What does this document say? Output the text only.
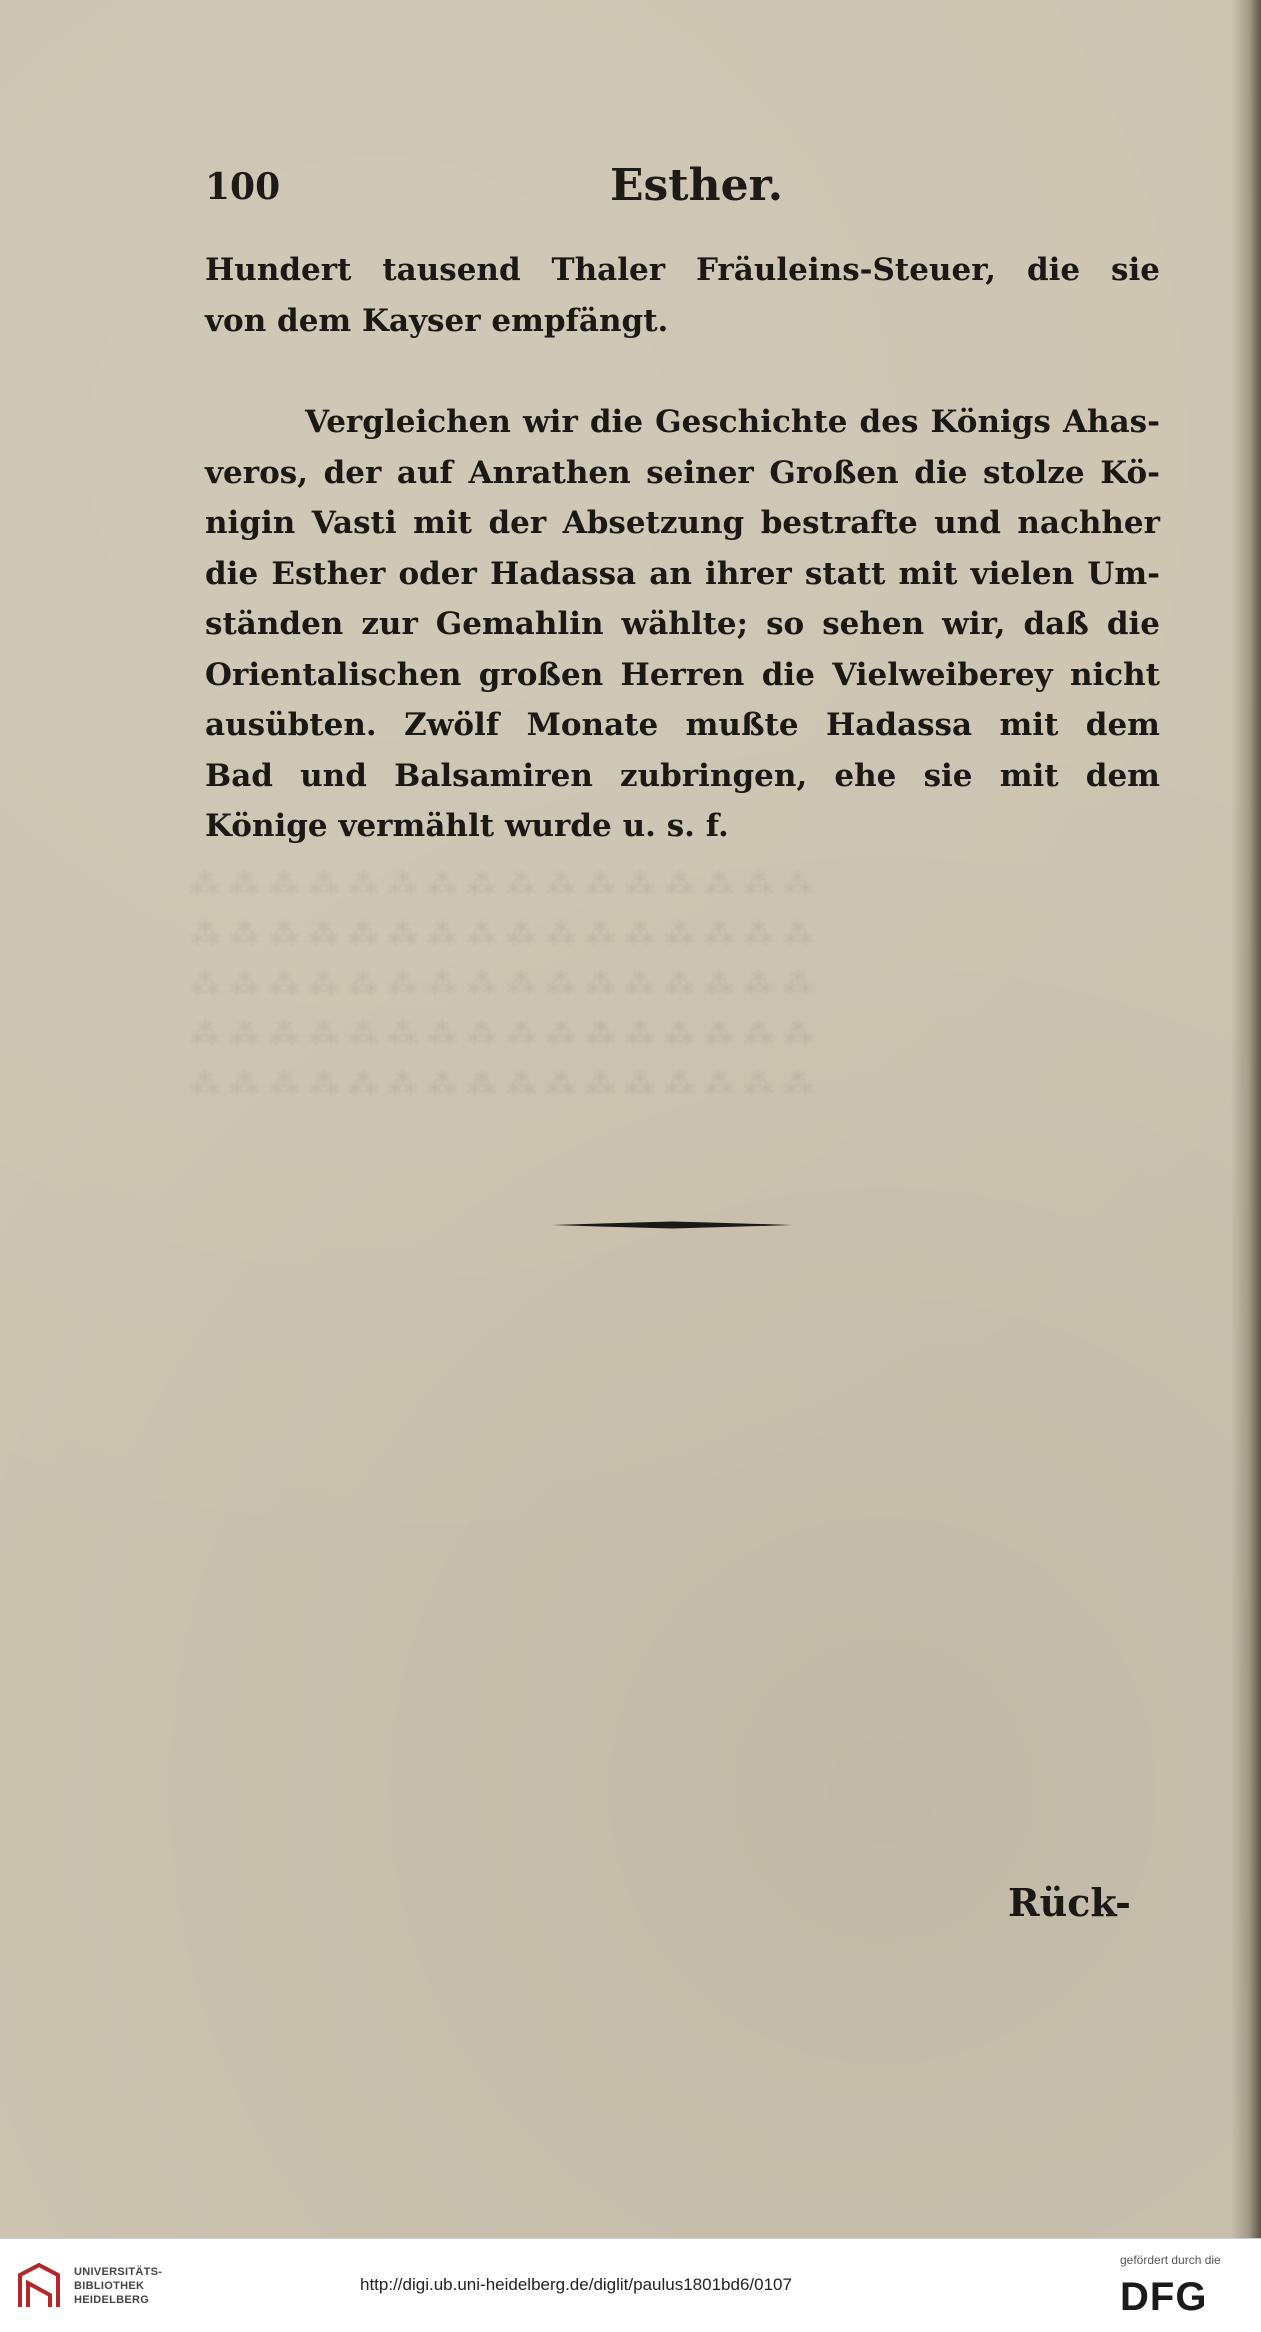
⁂ ⁂ ⁂ ⁂ ⁂ ⁂ ⁂ ⁂ ⁂ ⁂ ⁂ ⁂ ⁂ ⁂ ⁂ ⁂
⁂ ⁂ ⁂ ⁂ ⁂ ⁂ ⁂ ⁂ ⁂ ⁂ ⁂ ⁂ ⁂ ⁂ ⁂ ⁂
⁂ ⁂ ⁂ ⁂ ⁂ ⁂ ⁂ ⁂ ⁂ ⁂ ⁂ ⁂ ⁂ ⁂ ⁂ ⁂
⁂ ⁂ ⁂ ⁂ ⁂ ⁂ ⁂ ⁂ ⁂ ⁂ ⁂ ⁂ ⁂ ⁂ ⁂ ⁂
⁂ ⁂ ⁂ ⁂ ⁂ ⁂ ⁂ ⁂ ⁂ ⁂ ⁂ ⁂ ⁂ ⁂ ⁂ ⁂
100	Esther.

Hundert tausend Thaler Fräuleins-Steuer, die sie
von dem Kayser empfängt.

Vergleichen wir die Geschichte des Königs Ahas-
veros, der auf Anrathen seiner Großen die stolze Kö-
nigin Vasti mit der Absetzung bestrafte und nachher
die Esther oder Hadassa an ihrer statt mit vielen Um-
ständen zur Gemahlin wählte; so sehen wir, daß die
Orientalischen großen Herren die Vielweiberey nicht
ausübten. Zwölf Monate mußte Hadassa mit dem
Bad und Balsamiren zubringen, ehe sie mit dem
Könige vermählt wurde u. s. f.

Rück-
UNIVERSITÄTS-
BIBLIOTHEK
HEIDELBERG
http://digi.ub.uni-heidelberg.de/diglit/paulus1801bd6/0107
gefördert durch die
DFG
